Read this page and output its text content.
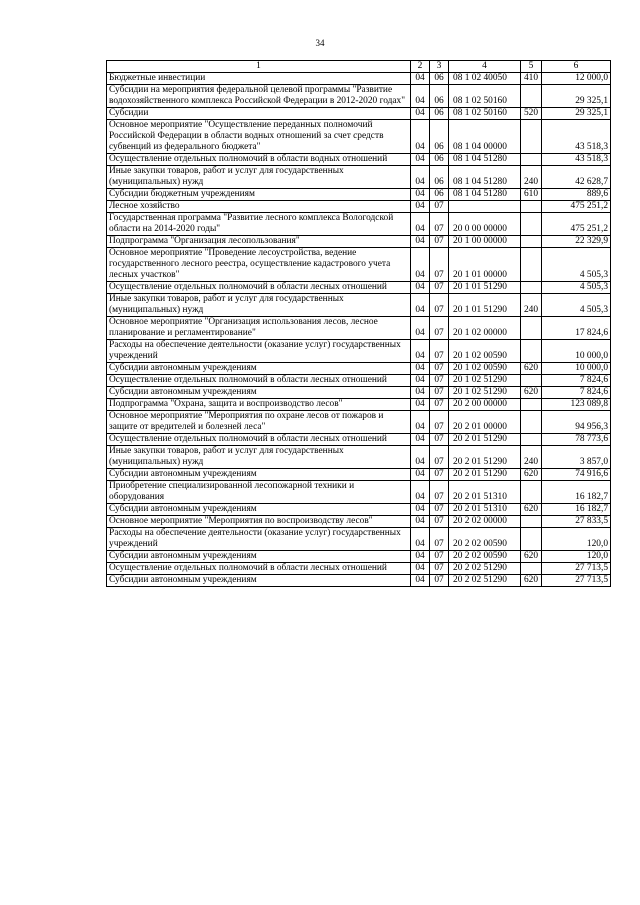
34
1	2	3	4	5	6
Бюджетные инвестиции	04	06	08 1 02 40050	410	12 000,0
Субсидии на мероприятия федеральной целевой программы "Развитие водохозяйственного комплекса Российской Федерации в 2012-2020 годах"	04	06	08 1 02 50160		29 325,1
Субсидии	04	06	08 1 02 50160	520	29 325,1
Основное мероприятие "Осуществление переданных полномочий Российской Федерации в области водных отношений за счет средств субвенций из федерального бюджета"	04	06	08 1 04 00000		43 518,3
Осуществление отдельных полномочий в области водных отношений	04	06	08 1 04 51280		43 518,3
Иные закупки товаров, работ и услуг для государственных (муниципальных) нужд	04	06	08 1 04 51280	240	42 628,7
Субсидии бюджетным учреждениям	04	06	08 1 04 51280	610	889,6
Лесное хозяйство	04	07			475 251,2
Государственная программа "Развитие лесного комплекса Вологодской области на 2014-2020 годы"	04	07	20 0 00 00000		475 251,2
Подпрограмма "Организация лесопользования"	04	07	20 1 00 00000		22 329,9
Основное мероприятие "Проведение лесоустройства, ведение государственного лесного реестра, осуществление кадастрового учета лесных участков"	04	07	20 1 01 00000		4 505,3
Осуществление отдельных полномочий в области лесных отношений	04	07	20 1 01 51290		4 505,3
Иные закупки товаров, работ и услуг для государственных (муниципальных) нужд	04	07	20 1 01 51290	240	4 505,3
Основное мероприятие "Организация использования лесов, лесное планирование и регламентирование"	04	07	20 1 02 00000		17 824,6
Расходы на обеспечение деятельности (оказание услуг) государственных учреждений	04	07	20 1 02 00590		10 000,0
Субсидии автономным учреждениям	04	07	20 1 02 00590	620	10 000,0
Осуществление отдельных полномочий в области лесных отношений	04	07	20 1 02 51290		7 824,6
Субсидии автономным учреждениям	04	07	20 1 02 51290	620	7 824,6
Подпрограмма "Охрана, защита и воспроизводство лесов"	04	07	20 2 00 00000		123 089,8
Основное мероприятие "Мероприятия по охране лесов от пожаров и защите от вредителей и болезней леса"	04	07	20 2 01 00000		94 956,3
Осуществление отдельных полномочий в области лесных отношений	04	07	20 2 01 51290		78 773,6
Иные закупки товаров, работ и услуг для государственных (муниципальных) нужд	04	07	20 2 01 51290	240	3 857,0
Субсидии автономным учреждениям	04	07	20 2 01 51290	620	74 916,6
Приобретение специализированной лесопожарной техники и оборудования	04	07	20 2 01 51310		16 182,7
Субсидии автономным учреждениям	04	07	20 2 01 51310	620	16 182,7
Основное мероприятие "Мероприятия по воспроизводству лесов"	04	07	20 2 02 00000		27 833,5
Расходы на обеспечение деятельности (оказание услуг) государственных учреждений	04	07	20 2 02 00590		120,0
Субсидии автономным учреждениям	04	07	20 2 02 00590	620	120,0
Осуществление отдельных полномочий в области лесных отношений	04	07	20 2 02 51290		27 713,5
Субсидии автономным учреждениям	04	07	20 2 02 51290	620	27 713,5
